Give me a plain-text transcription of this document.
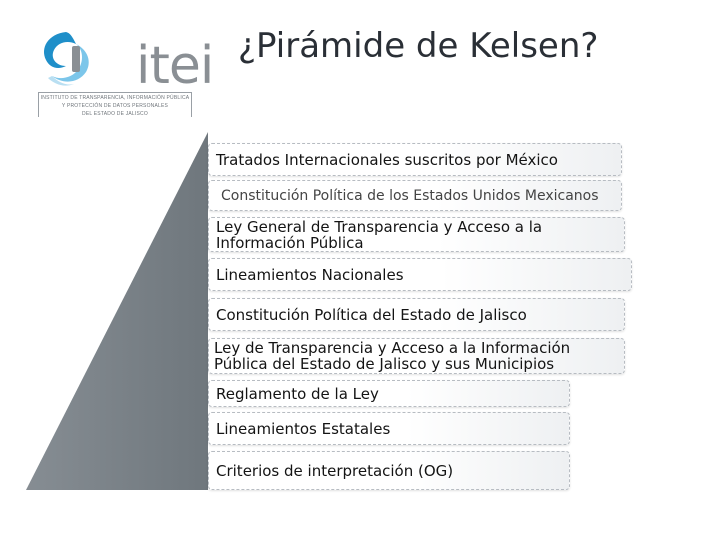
itei
INSTITUTO DE TRANSPARENCIA, INFORMACIÓN PÚBLICA
Y PROTECCIÓN DE DATOS PERSONALES
DEL ESTADO DE JALISCO
¿Pirámide de Kelsen?
Tratados Internacionales suscritos por México
Constitución Política de los Estados Unidos Mexicanos
Ley General de Transparencia y Acceso a la Información Pública
Lineamientos Nacionales
Constitución Política del Estado de Jalisco
Ley de Transparencia y Acceso a la Información Pública del Estado de Jalisco y sus Municipios
Reglamento de la Ley
Lineamientos Estatales
Criterios de interpretación (OG)
